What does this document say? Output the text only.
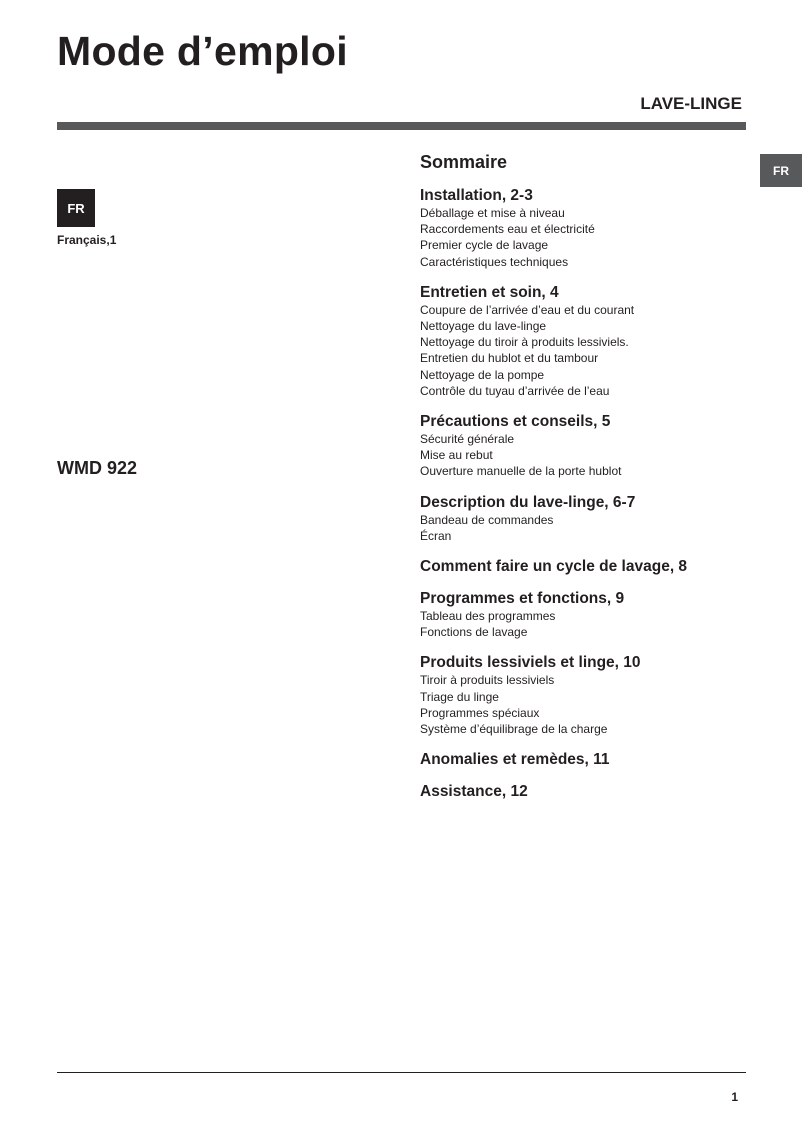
Mode d’emploi
LAVE-LINGE
FR
Français,1
WMD 922
FR
Sommaire
Installation, 2-3
Déballage et mise à niveau
Raccordements eau et électricité
Premier cycle de lavage
Caractéristiques techniques
Entretien et soin, 4
Coupure de l’arrivée d’eau et du courant
Nettoyage du lave-linge
Nettoyage du tiroir à produits lessiviels.
Entretien du hublot et du tambour
Nettoyage de la pompe
Contrôle du tuyau d’arrivée de l’eau
Précautions et conseils, 5
Sécurité générale
Mise au rebut
Ouverture manuelle de la porte hublot
Description du lave-linge, 6-7
Bandeau de commandes
Écran
Comment faire un cycle de lavage, 8
Programmes et fonctions, 9
Tableau des programmes
Fonctions de lavage
Produits lessiviels et linge, 10
Tiroir à produits lessiviels
Triage du linge
Programmes spéciaux
Système d’équilibrage de la charge
Anomalies et remèdes, 11
Assistance, 12
1
